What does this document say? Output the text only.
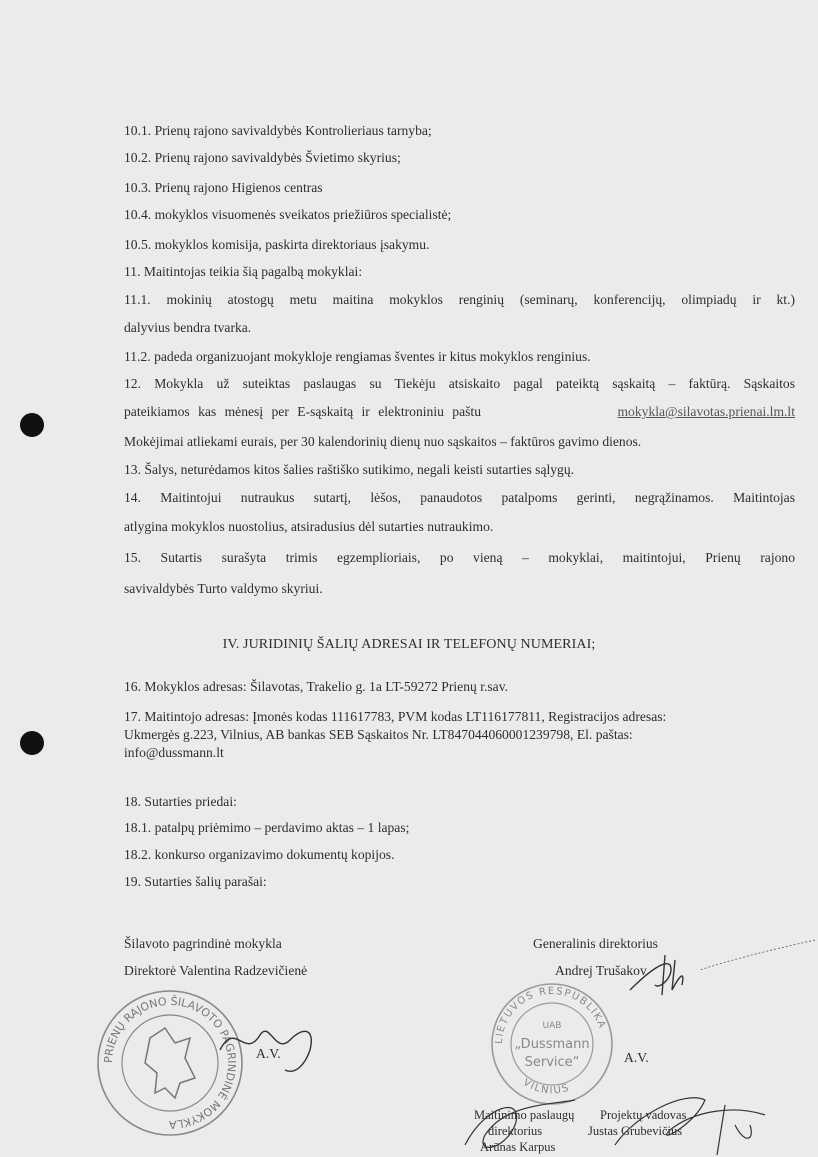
10.1. Prienų rajono savivaldybės Kontrolieriaus tarnyba;
10.2. Prienų rajono savivaldybės Švietimo skyrius;
10.3. Prienų rajono Higienos centras
10.4. mokyklos visuomenės sveikatos priežiūros specialistė;
10.5. mokyklos komisija, paskirta direktoriaus įsakymu.
11. Maitintojas teikia šią pagalbą mokyklai:
11.1. mokinių atostogų metu maitina mokyklos renginių (seminarų, konferencijų, olimpiadų ir kt.)
dalyvius bendra tvarka.
11.2. padeda organizuojant mokykloje rengiamas šventes ir kitus mokyklos renginius.
12. Mokykla už suteiktas paslaugas su Tiekėju atsiskaito pagal pateiktą sąskaitą – faktūrą. Sąskaitos
pateikiamos kas mėnesį per E-sąskaitą ir elektroniniu paštu	mokykla@silavotas.prienai.lm.lt
Mokėjimai atliekami eurais, per 30 kalendorinių dienų nuo sąskaitos – faktūros gavimo dienos.
13. Šalys, neturėdamos kitos šalies raštiško sutikimo, negali keisti sutarties sąlygų.
14. Maitintojui nutraukus sutartį, lėšos, panaudotos patalpoms gerinti, negrąžinamos. Maitintojas
atlygina mokyklos nuostolius, atsiradusius dėl sutarties nutraukimo.
15. Sutartis surašyta trimis egzemplioriais, po vieną – mokyklai, maitintojui, Prienų rajono
savivaldybės Turto valdymo skyriui.
IV. JURIDINIŲ ŠALIŲ ADRESAI IR TELEFONŲ NUMERIAI;
16. Mokyklos adresas: Šilavotas, Trakelio g. 1a LT-59272 Prienų r.sav.
17. Maitintojo adresas: Įmonės kodas 111617783, PVM kodas LT116177811, Registracijos adresas:
Ukmergės g.223, Vilnius, AB bankas SEB Sąskaitos Nr. LT847044060001239798, El. paštas:
info@dussmann.lt
18. Sutarties priedai:
18.1. patalpų priėmimo – perdavimo aktas – 1 lapas;
18.2. konkurso organizavimo dokumentų kopijos.
19. Sutarties šalių parašai:
Šilavoto pagrindinė mokykla
Direktorė Valentina Radzevičienė
PRIENŲ RAJONO ŠILAVOTO PAGRINDINĖ MOKYKLA
A.V.
Generalinis direktorius
Andrej Trušakov
LIETUVOS RESPUBLIKA
VILNIUS
UAB
„Dussmann
Service“	A.V.
Maitinimo paslaugų
direktorius
Arūnas Karpus
Projektų vadovas
Justas Grubevičius
